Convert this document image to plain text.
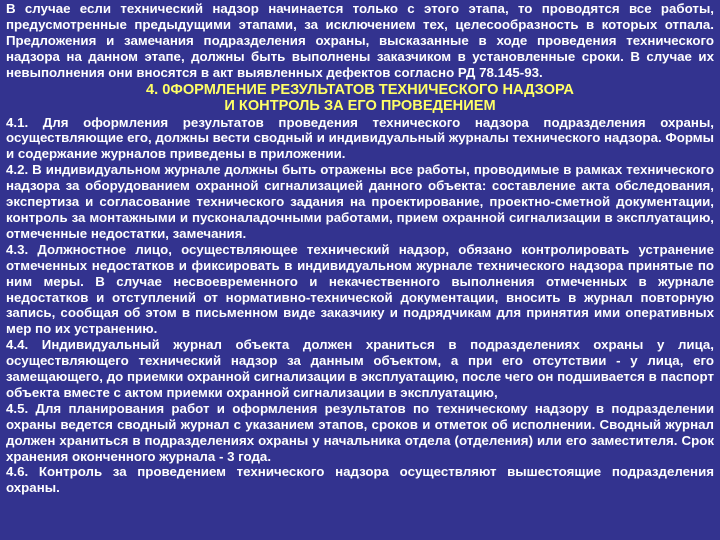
В случае если технический надзор начинается только с этого этапа, то проводятся все работы, предусмотренные предыдущими этапами, за исключением тех, целесообразность в которых отпала. Предложения и замечания подразделения охраны, высказанные в ходе проведения технического надзора на данном этапе, должны быть выполнены заказчиком в установленные сроки. В случае их невыполнения они вносятся в акт выявленных дефектов согласно РД 78.145-93.

4. 0ФОРМЛЕНИЕ РЕЗУЛЬТАТОВ ТЕХНИЧЕСКОГО НАДЗОРА
И КОНТРОЛЬ ЗА ЕГО ПРОВЕДЕНИЕМ

4.1. Для оформления результатов проведения технического надзора подразделения охраны, осуществляющие его, должны вести сводный и индивидуальный журналы технического надзора. Формы и содержание журналов приведены в приложении.

4.2. В индивидуальном журнале должны быть отражены все работы, проводимые в рамках технического надзора за оборудованием охранной сигнализацией данного объекта: составление акта обследования, экспертиза и согласование технического задания на проектирование, проектно-сметной документации, контроль за монтажными и пусконаладочными работами, прием охранной сигнализации в эксплуатацию, отмеченные недостатки, замечания.

4.3. Должностное лицо, осуществляющее технический надзор, обязано контролировать устранение отмеченных недостатков и фиксировать в индивидуальном журнале технического надзора принятые по ним меры. В случае несвоевременного и некачественного выполнения отмеченных в журнале недостатков и отступлений от нормативно-технической документации, вносить в журнал повторную запись, сообщая об этом в письменном виде заказчику и подрядчикам для принятия ими оперативных мер по их устранению.

4.4. Индивидуальный журнал объекта должен храниться в подразделениях охраны у лица, осуществляющего технический надзор за данным объектом, а при его отсутствии - у лица, его замещающего, до приемки охранной сигнализации в эксплуатацию, после чего он подшивается в паспорт объекта вместе с актом приемки охранной сигнализации в эксплуатацию,

4.5. Для планирования работ и оформления результатов по техническому надзору в подразделении охраны ведется сводный журнал с указанием этапов, сроков и отметок об исполнении. Сводный журнал должен храниться в подразделениях охраны у начальника отдела (отделения) или его заместителя. Срок хранения оконченного журнала - 3 года.

4.6. Контроль за проведением технического надзора осуществляют вышестоящие подразделения охраны.
